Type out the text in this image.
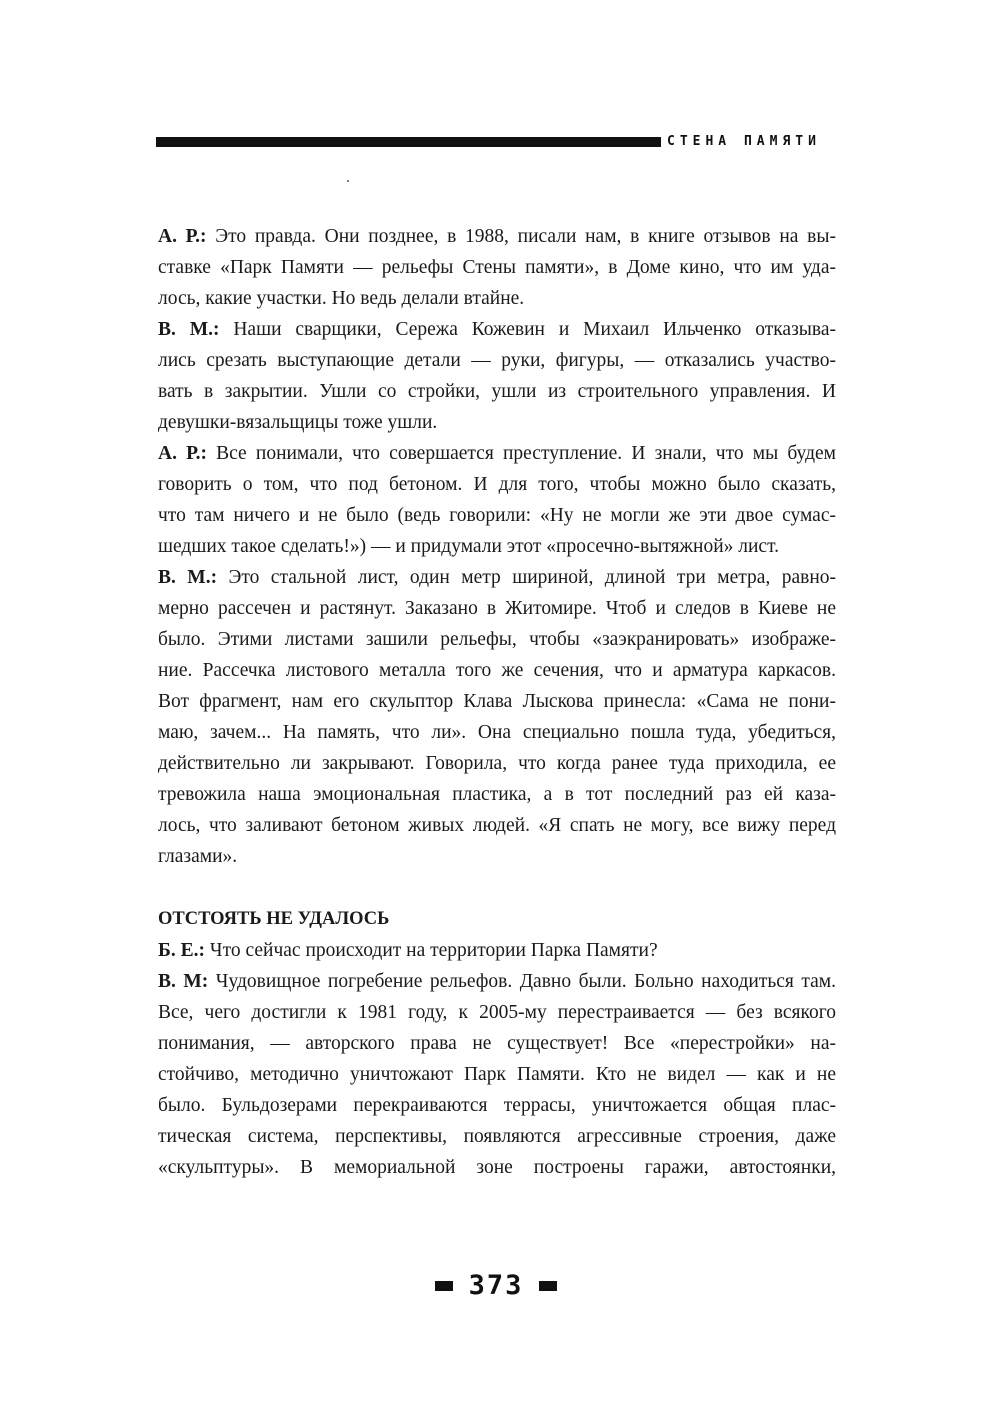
СТЕНА ПАМЯТИ
А. Р.: Это правда. Они позднее, в 1988, писали нам, в книге отзывов на вы-
ставке «Парк Памяти — рельефы Стены памяти», в Доме кино, что им уда-
лось, какие участки. Но ведь делали втайне.
В. М.: Наши сварщики, Сережа Кожевин и Михаил Ильченко отказыва-
лись срезать выступающие детали — руки, фигуры, — отказались участво-
вать в закрытии. Ушли со стройки, ушли из строительного управления. И
девушки-вязальщицы тоже ушли.
А. Р.: Все понимали, что совершается преступление. И знали, что мы будем
говорить о том, что под бетоном. И для того, чтобы можно было сказать,
что там ничего и не было (ведь говорили: «Ну не могли же эти двое сумас-
шедших такое сделать!») — и придумали этот «просечно-вытяжной» лист.
В. М.: Это стальной лист, один метр шириной, длиной три метра, равно-
мерно рассечен и растянут. Заказано в Житомире. Чтоб и следов в Киеве не
было. Этими листами зашили рельефы, чтобы «заэкранировать» изображе-
ние. Рассечка листового металла того же сечения, что и арматура каркасов.
Вот фрагмент, нам его скульптор Клава Лыскова принесла: «Сама не пони-
маю, зачем... На память, что ли». Она специально пошла туда, убедиться,
действительно ли закрывают. Говорила, что когда ранее туда приходила, ее
тревожила наша эмоциональная пластика, а в тот последний раз ей каза-
лось, что заливают бетоном живых людей. «Я спать не могу, все вижу перед
глазами».
ОТСТОЯТЬ НЕ УДАЛОСЬ
Б. Е.: Что сейчас происходит на территории Парка Памяти?
В. М: Чудовищное погребение рельефов. Давно были. Больно находиться там.
Все, чего достигли к 1981 году, к 2005-му перестраивается — без всякого
понимания, — авторского права не существует! Все «перестройки» на-
стойчиво, методично уничтожают Парк Памяти. Кто не видел — как и не
было. Бульдозерами перекраиваются террасы, уничтожается общая плас-
тическая система, перспективы, появляются агрессивные строения, даже
«скульптуры». В мемориальной зоне построены гаражи, автостоянки,
373
